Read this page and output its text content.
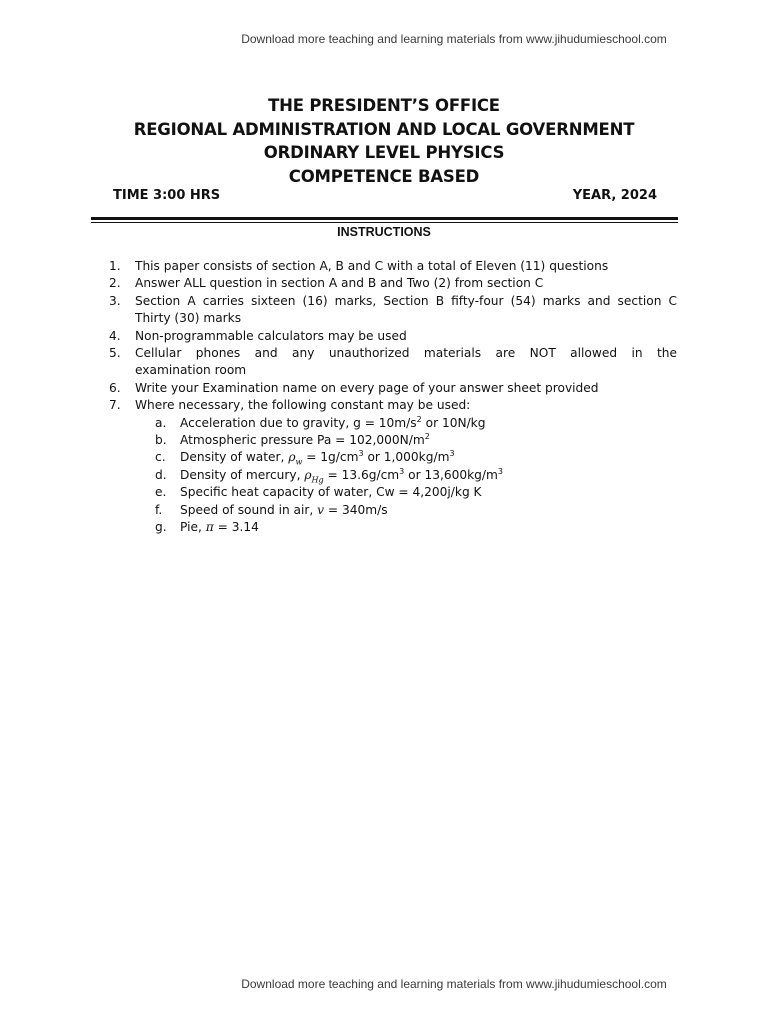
Download more teaching and learning materials from www.jihudumieschool.com
THE PRESIDENT’S OFFICE
REGIONAL ADMINISTRATION AND LOCAL GOVERNMENT
ORDINARY LEVEL PHYSICS
COMPETENCE BASED
TIME 3:00 HRS	YEAR, 2024
INSTRUCTIONS
1.	This paper consists of section A, B and C with a total of Eleven (11) questions
2.	Answer ALL question in section A and B and Two (2) from section C
3.	Section A carries sixteen (16) marks, Section B fifty-four (54) marks and section C
Thirty (30) marks
4.	Non-programmable calculators may be used
5.	Cellular phones and any unauthorized materials are NOT allowed in the
examination room
6.	Write your Examination name on every page of your answer sheet provided
7.	Where necessary, the following constant may be used:
a.	Acceleration due to gravity, $g = 10m/s^2$ or 10N/kg
b.	Atmospheric pressure $Pa = 102,000N/m^2$
c.	Density of water, $\rho_w = 1g/cm^3$ or $1,000kg/m^3$
d.	Density of mercury, $\rho_{Hg} = 13.6g/cm^3$ or $13,600kg/m^3$
e.	Specific heat capacity of water, Cw = 4,200j/kg K
f.	Speed of sound in air, v = 340m/s
g.	Pie, π = 3.14
Download more teaching and learning materials from www.jihudumieschool.com
